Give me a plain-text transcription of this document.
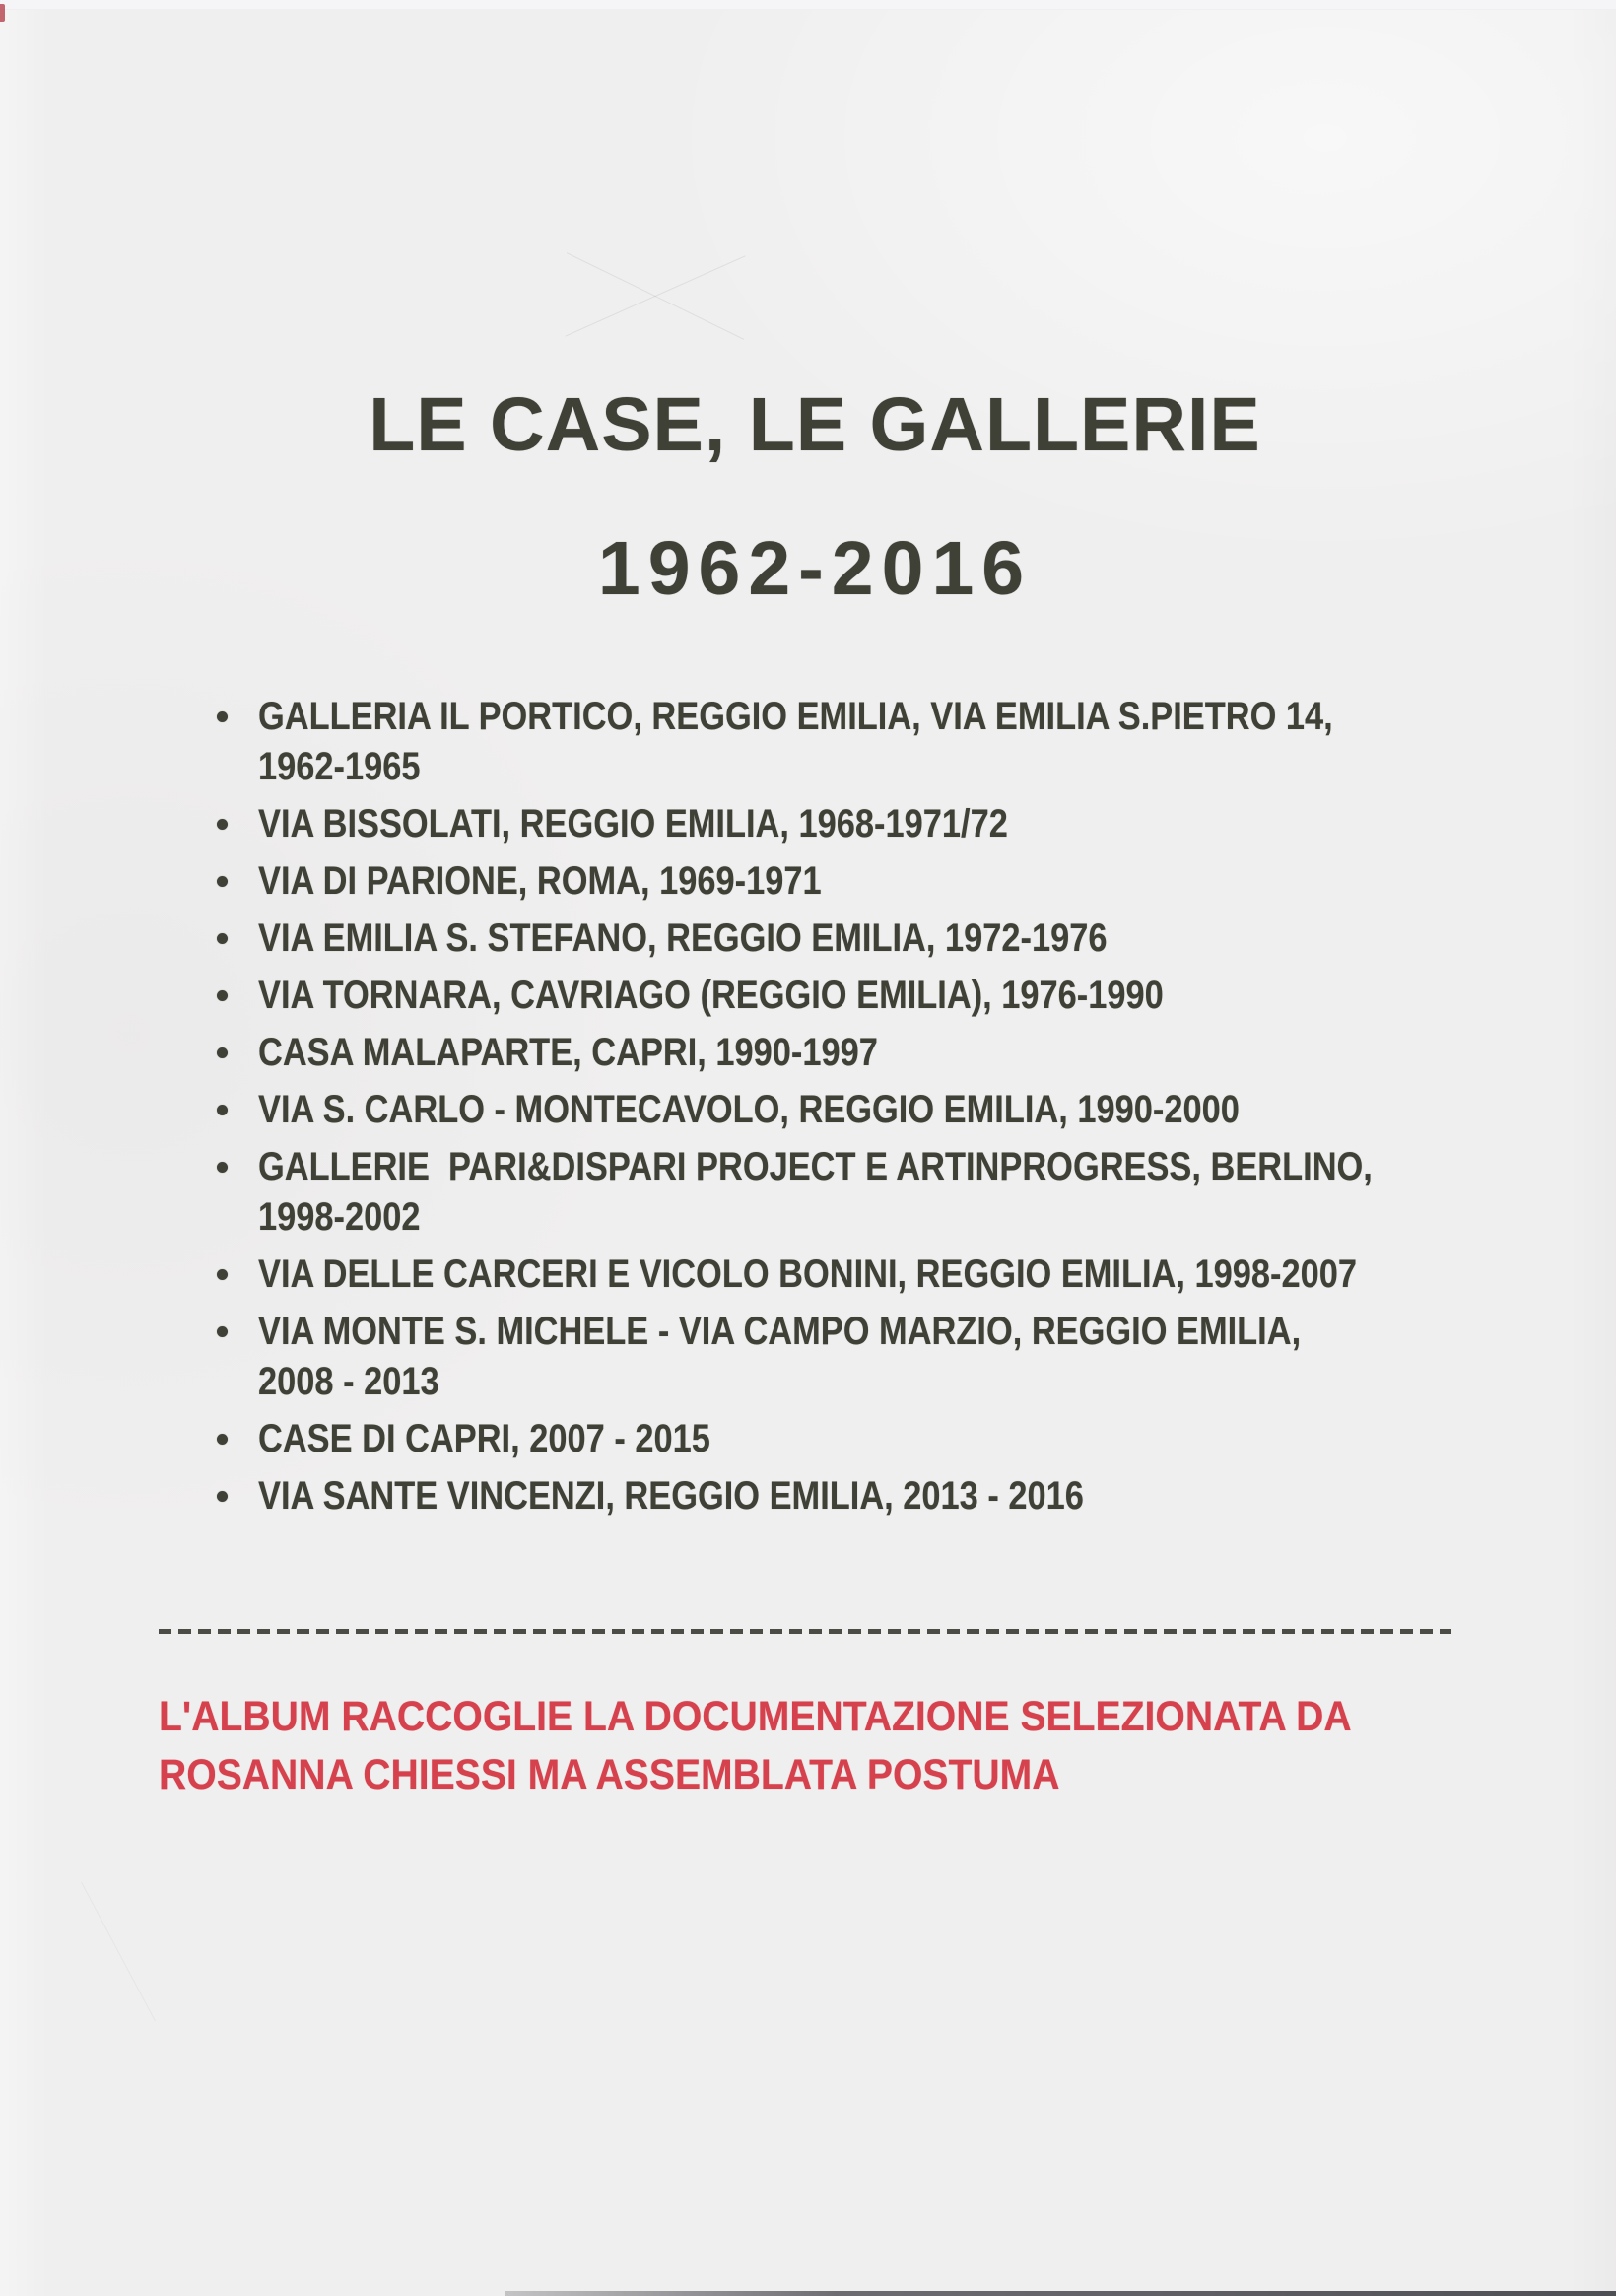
LE CASE, LE GALLERIE
1962-2016
GALLERIA IL PORTICO, REGGIO EMILIA, VIA EMILIA S.PIETRO 14,
1962-1965
VIA BISSOLATI, REGGIO EMILIA, 1968-1971/72
VIA DI PARIONE, ROMA, 1969-1971
VIA EMILIA S. STEFANO, REGGIO EMILIA, 1972-1976
VIA TORNARA, CAVRIAGO (REGGIO EMILIA), 1976-1990
CASA MALAPARTE, CAPRI, 1990-1997
VIA S. CARLO - MONTECAVOLO, REGGIO EMILIA, 1990-2000
GALLERIE  PARI&DISPARI PROJECT E ARTINPROGRESS, BERLINO,
1998-2002
VIA DELLE CARCERI E VICOLO BONINI, REGGIO EMILIA, 1998-2007
VIA MONTE S. MICHELE - VIA CAMPO MARZIO, REGGIO EMILIA,
2008 - 2013
CASE DI CAPRI, 2007 - 2015
VIA SANTE VINCENZI, REGGIO EMILIA, 2013 - 2016
L'ALBUM RACCOGLIE LA DOCUMENTAZIONE SELEZIONATA DA
ROSANNA CHIESSI MA ASSEMBLATA POSTUMA
